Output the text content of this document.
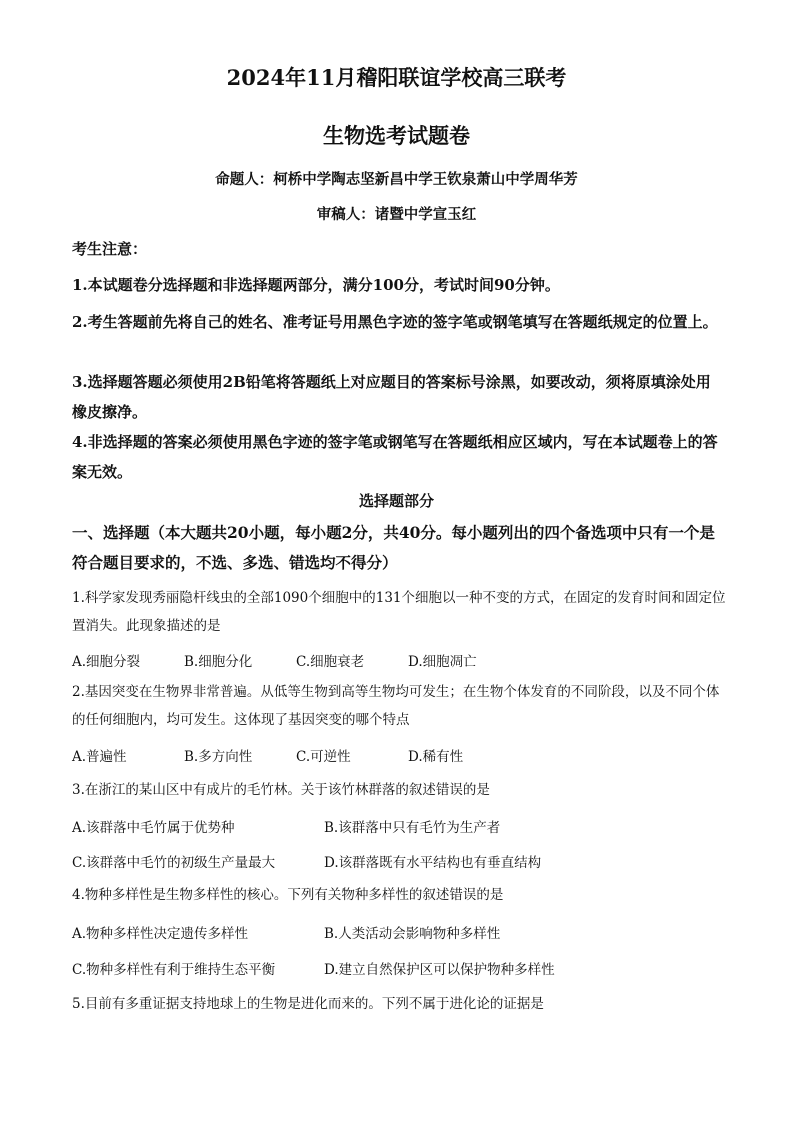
2024年11月稽阳联谊学校高三联考
生物选考试题卷
命题人：柯桥中学陶志坚新昌中学王钦泉萧山中学周华芳
审稿人：诸暨中学宣玉红
考生注意：
1.本试题卷分选择题和非选择题两部分，满分100分，考试时间90分钟。
2.考生答题前先将自己的姓名、准考证号用黑色字迹的签字笔或钢笔填写在答题纸规定的位置上。
3.选择题答题必须使用2B铅笔将答题纸上对应题目的答案标号涂黑，如要改动，须将原填涂处用橡皮擦净。
4.非选择题的答案必须使用黑色字迹的签字笔或钢笔写在答题纸相应区域内，写在本试题卷上的答案无效。
选择题部分
一、选择题（本大题共20小题，每小题2分，共40分。每小题列出的四个备选项中只有一个是符合题目要求的，不选、多选、错选均不得分）
1.科学家发现秀丽隐杆线虫的全部1090个细胞中的131个细胞以一种不变的方式，在固定的发育时间和固定位置消失。此现象描述的是
A.细胞分裂	B.细胞分化	C.细胞衰老	D.细胞凋亡
2.基因突变在生物界非常普遍。从低等生物到高等生物均可发生；在生物个体发育的不同阶段，以及不同个体的任何细胞内，均可发生。这体现了基因突变的哪个特点
A.普遍性	B.多方向性	C.可逆性	D.稀有性
3.在浙江的某山区中有成片的毛竹林。关于该竹林群落的叙述错误的是
A.该群落中毛竹属于优势种	B.该群落中只有毛竹为生产者
C.该群落中毛竹的初级生产量最大	D.该群落既有水平结构也有垂直结构
4.物种多样性是生物多样性的核心。下列有关物种多样性的叙述错误的是
A.物种多样性决定遗传多样性	B.人类活动会影响物种多样性
C.物种多样性有利于维持生态平衡	D.建立自然保护区可以保护物种多样性
5.目前有多重证据支持地球上的生物是进化而来的。下列不属于进化论的证据是
